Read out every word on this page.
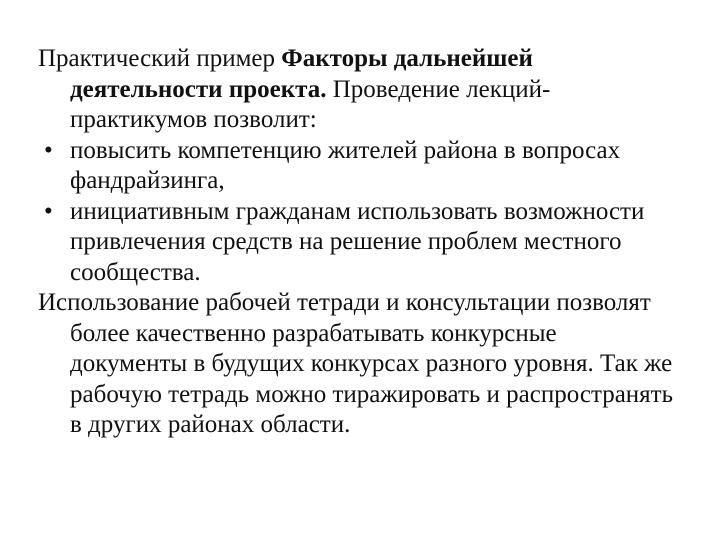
Практический пример Факторы дальнейшей деятельности проекта. Проведение лекций-практикумов позволит:

• повысить компетенцию жителей района в вопросах фандрайзинга,
• инициативным гражданам использовать возможности привлечения средств на решение проблем местного сообщества.

Использование рабочей тетради и консультации позволят более качественно разрабатывать конкурсные документы в будущих конкурсах разного уровня. Так же рабочую тетрадь можно тиражировать и распространять в других районах области.
